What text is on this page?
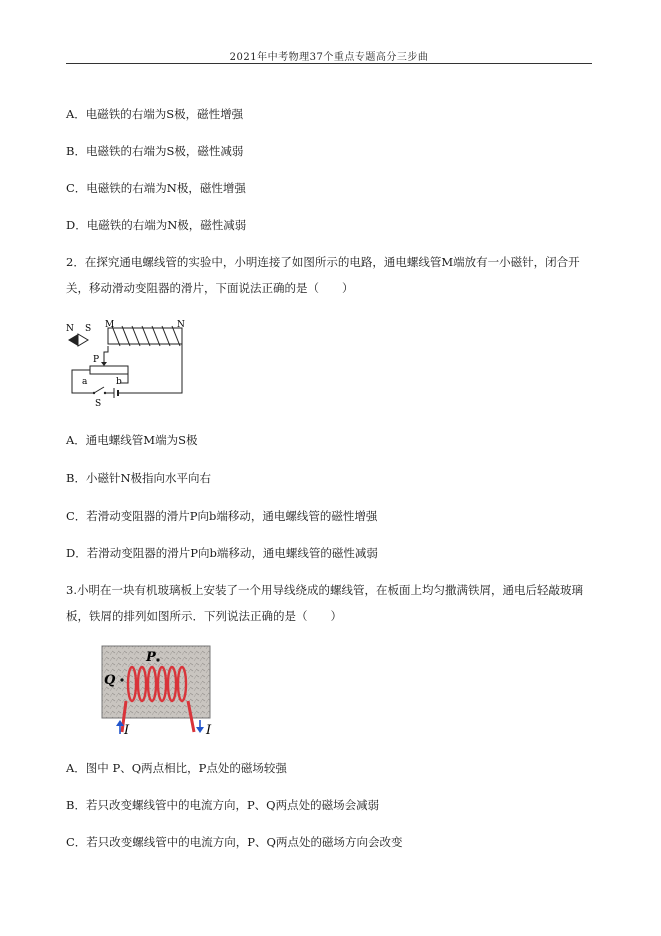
2021年中考物理37个重点专题高分三步曲
A．电磁铁的右端为S极，磁性增强
B．电磁铁的右端为S极，磁性减弱
C．电磁铁的右端为N极，磁性增强
D．电磁铁的右端为N极，磁性减弱
2．在探究通电螺线管的实验中，小明连接了如图所示的电路，通电螺线管M端放有一小磁针，闭合开
关，移动滑动变阻器的滑片，下面说法正确的是（　　）
N S M	N
P
a	b
S
A．通电螺线管M端为S极
B．小磁针N极指向水平向右
C．若滑动变阻器的滑片P向b端移动，通电螺线管的磁性增强
D．若滑动变阻器的滑片P向b端移动，通电螺线管的磁性减弱
3.小明在一块有机玻璃板上安装了一个用导线绕成的螺线管，在板面上均匀撒满铁屑，通电后轻敲玻璃
板，铁屑的排列如图所示．下列说法正确的是（　　）
P
Q
I	I
A．图中 P、Q两点相比，P点处的磁场较强
B．若只改变螺线管中的电流方向，P、Q两点处的磁场会减弱
C．若只改变螺线管中的电流方向，P、Q两点处的磁场方向会改变
